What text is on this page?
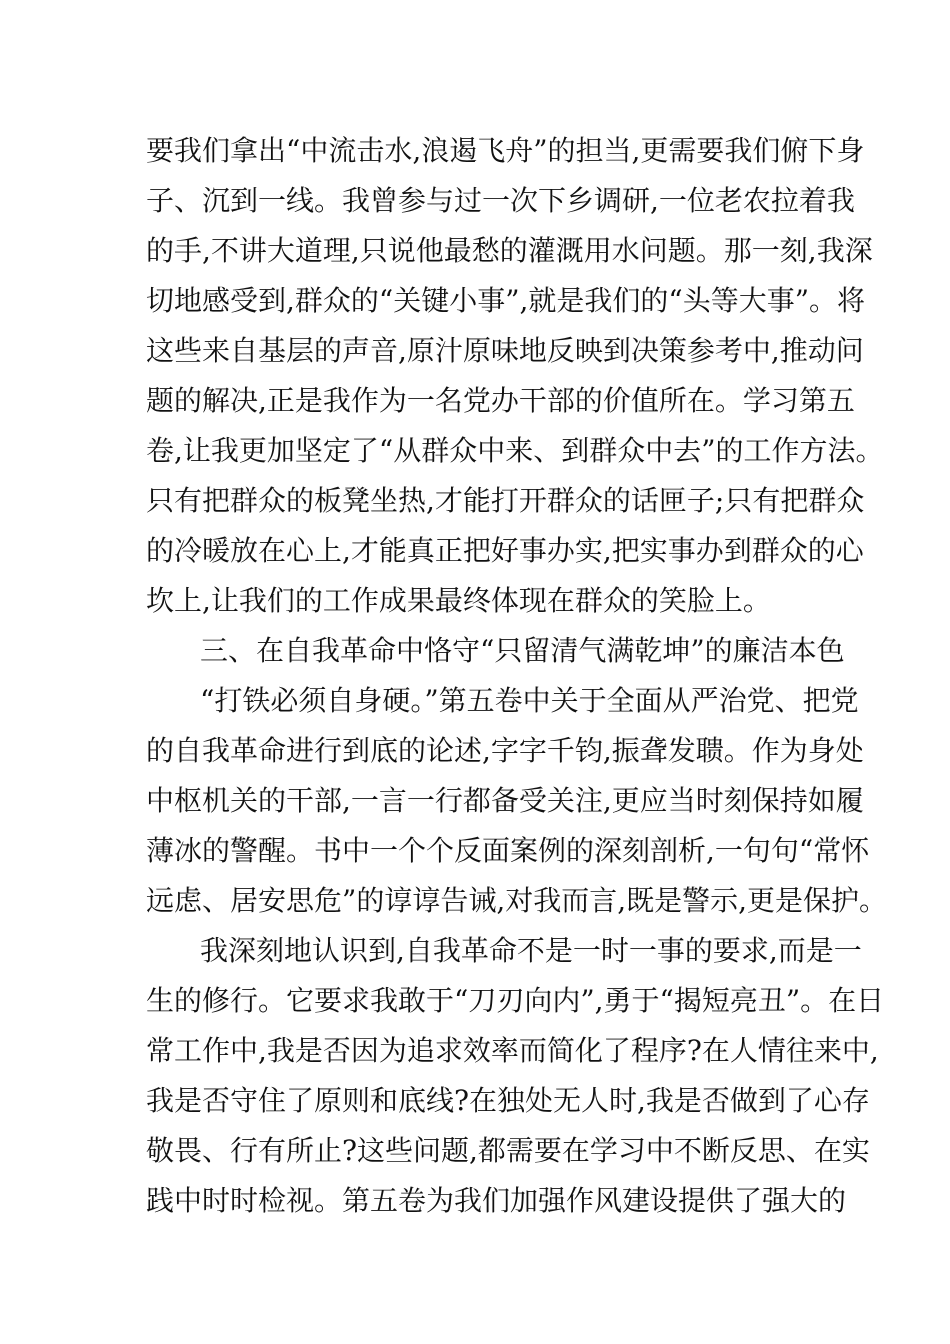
要我们拿出“中流击水,浪遏飞舟”的担当,更需要我们俯下身
子、沉到一线。我曾参与过一次下乡调研,一位老农拉着我
的手,不讲大道理,只说他最愁的灌溉用水问题。那一刻,我深
切地感受到,群众的“关键小事”,就是我们的“头等大事”。将
这些来自基层的声音,原汁原味地反映到决策参考中,推动问
题的解决,正是我作为一名党办干部的价值所在。学习第五
卷,让我更加坚定了“从群众中来、到群众中去”的工作方法。
只有把群众的板凳坐热,才能打开群众的话匣子;只有把群众
的冷暖放在心上,才能真正把好事办实,把实事办到群众的心
坎上,让我们的工作成果最终体现在群众的笑脸上。
三、在自我革命中恪守“只留清气满乾坤”的廉洁本色
“打铁必须自身硬。”第五卷中关于全面从严治党、把党
的自我革命进行到底的论述,字字千钧,振聋发聩。作为身处
中枢机关的干部,一言一行都备受关注,更应当时刻保持如履
薄冰的警醒。书中一个个反面案例的深刻剖析,一句句“常怀
远虑、居安思危”的谆谆告诫,对我而言,既是警示,更是保护。
我深刻地认识到,自我革命不是一时一事的要求,而是一
生的修行。它要求我敢于“刀刃向内”,勇于“揭短亮丑”。在日
常工作中,我是否因为追求效率而简化了程序?在人情往来中,
我是否守住了原则和底线?在独处无人时,我是否做到了心存
敬畏、行有所止?这些问题,都需要在学习中不断反思、在实
践中时时检视。第五卷为我们加强作风建设提供了强大的
